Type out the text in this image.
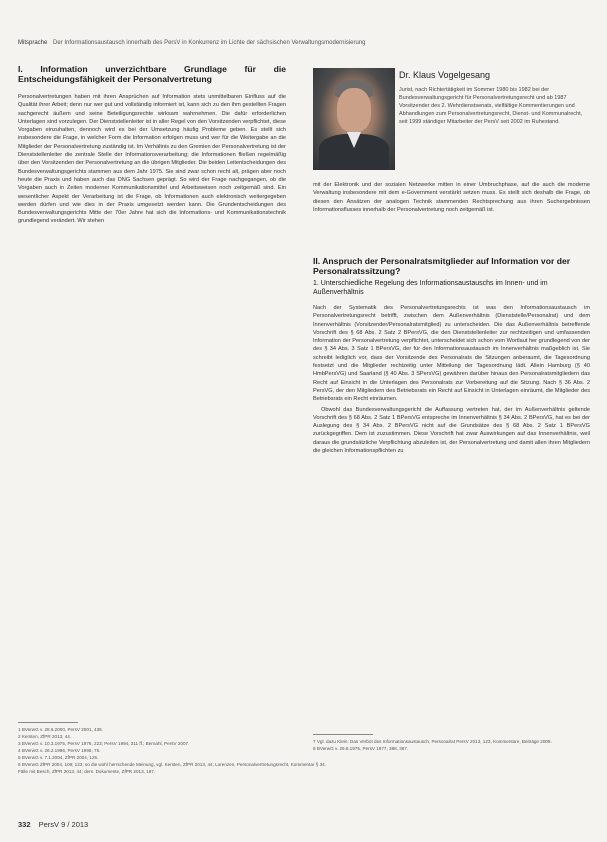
Mitsprache Der Informationsaustausch innerhalb des PersV in Konkurrenz im Lichte der sächsischen Verwaltungsmodernisierung
I. Information unverzichtbare Grundlage für die Entscheidungsfähigkeit der Personalvertretung

Personalvertretungen haben mit ihren Ansprüchen auf Information stets unmittelbaren Einfluss auf die Qualität ihrer Arbeit; denn nur wer gut und vollständig informiert ist, kann sich zu den ihm gestellten Fragen sachgerecht äußern und seine Beteiligungsrechte wirksam wahrnehmen. Die dafür erforderlichen Unterlagen sind vorzulegen. Der Dienststellenleiter ist in aller Regel von den Vorsitzenden verpflichtet, diese Vorgaben einzuhalten, dennoch wird es bei der Umsetzung häufig Probleme geben. Es stellt sich insbesondere die Frage, in welcher Form die Information erfolgen muss und wer für die Weitergabe an die Mitglieder der Personalvertretung zuständig ist. Im Verhältnis zu den Gremien der Personalvertretung ist der Dienststellenleiter die zentrale Stelle der Informationsverarbeitung; die Informationen fließen regelmäßig über den Vorsitzenden der Personalvertretung an die übrigen Mitglieder. Die beiden Leitentscheidungen des Bundesverwaltungsgerichts stammen aus dem Jahr 1975. Sie sind zwar schon recht alt, prägen aber noch heute die Praxis und haben auch das DNG Sachsen geprägt. So wird der Frage nachgegangen, ob die Vorgaben auch in Zeiten moderner Kommunikationsmittel und Arbeitsweisen noch zeitgemäß sind. Ein wesentlicher Aspekt der Verarbeitung ist die Frage, ob Informationen auch elektronisch weitergegeben werden dürfen und wie dies in der Praxis umgesetzt werden kann. Die Grundentscheidungen des Bundesverwaltungsgerichts Mitte der 70er Jahre hat sich die Informations- und Kommunikationstechnik grundlegend verändert. Wir stehen

Dr. Klaus Vogelgesang
Jurist, nach Richtertätigkeit im Sommer 1980 bis 1982 bei der Bundesverwaltungsgericht für Personalvertretungsrecht und ab 1987 Vorsitzender des 2. Wehrdienstsenats, vielfältige Kommentierungen und Abhandlungen zum Personalvertretungsrecht, Dienst- und Kommunalrecht, seit 1999 ständiger Mitarbeiter der PersV seit 2002 im Ruhestand.

mit der Elektronik und der sozialen Netzwerke mitten in einer Umbruchphase, auf die auch die moderne Verwaltung insbesondere mit dem e-Government verstärkt setzen muss. Es stellt sich deshalb die Frage, ob diesen den Ansätzen der analogen Technik stammenden Rechtsprechung aus ihren Suchergebnissen Informationsflusses innerhalb der Personalvertretung noch zeitgemäß ist.

II. Anspruch der Personalratsmitglieder auf Information vor der Personalratssitzung?
1. Unterschiedliche Regelung des Informationsaustauschs im Innen- und im Außenverhältnis

Nach der Systematik des Personalvertretungsrechts ist was den Informationsaustausch im Personalvertretungsrecht betrifft, zwischen dem Außenverhältnis (Dienststelle/Personalrat) und dem Innenverhältnis (Vorsitzender/Personalratsmitglied) zu unterscheiden. Die das Außenverhältnis betreffende Vorschrift des § 68 Abs. 2 Satz 2 BPersVG, die den Dienststellenleiter zur rechtzeitigen und umfassenden Information der Personalvertretung verpflichtet, unterscheidet sich schon vom Wortlaut her grundlegend von der des § 34 Abs. 3 Satz 1 BPersVG, der für den Informationsaustausch im Innenverhältnis maßgeblich ist. Sie schreibt lediglich vor, dass der Vorsitzende des Personalrats die Sitzungen anberaumt, die Tagesordnung festsetzt und die Mitglieder rechtzeitig unter Mitteilung der Tagesordnung lädt. Allein Hamburg (§ 40 HmbPersVG) und Saarland (§ 40 Abs. 3 SPersVG) gewähren darüber hinaus den Personalratsmitgliedern das Recht auf Einsicht in die Unterlagen des Personalrats zur Vorbereitung auf die Sitzung. Nach § 36 Abs. 2 PersVG, der den Mitgliedern des Betriebsrats ein Recht auf Einsicht in Unterlagen einräumt, die Mitglieder des Betriebsrats ein Recht einräumen.

Obwohl das Bundesverwaltungsgericht die Auffassung vertreten hat, der im Außenverhältnis geltende Vorschrift des § 68 Abs. 2 Satz 1 BPersVG entspreche im Innenverhältnis § 34 Abs. 2 BPersVG, hat es bei der Auslegung des § 34 Abs. 2 BPersVG nicht auf die Grundsätze des § 68 Abs. 2 Satz 1 BPersVG zurückgegriffen. Dem ist zuzustimmen. Diese Vorschrift hat zwar Auswirkungen auf das Innenverhältnis, weil daraus die grundsätzliche Verpflichtung abzuleiten ist, der Personalvertretung und damit allen ihren Mitgliedern die gleichen Informationspflichten zu

1 BVerwG v. 28.6.2000, PersV 2001, 436.
2 Kersten, ZfPR 2013, 44.
3 BVerwG v. 10.3.1975, PersV 1976, 223; PersV 1994, 311 ff.; Bernahl, PersV 2007.
4 BVerwG v. 26.2.1996, PersV 1996, 75.
5 BVerwG v. 7.1.2004, ZfPR 2004, 125.
6 BVerwG ZfPR 2004, 109; 123; so die wohl herrschende Meinung, vgl. Kersten, ZfPR 2013, 44; Lorenzen, Personalvertretungsrecht, Kommentar § 34.
Fälle mit Besch, ZfPR 2013, 44; ders. Dokumente, ZfPR 2013, 197.
7 Vgl. dazu Klein: Das Verbot des Informationsaustausch, Personalrat PersV 2013, 123, Kommentare, Beiträge 2009.
8 BVerwG v. 29.8.1975, PersV 1977, 388, 387.
332 PersV 9 / 2013
